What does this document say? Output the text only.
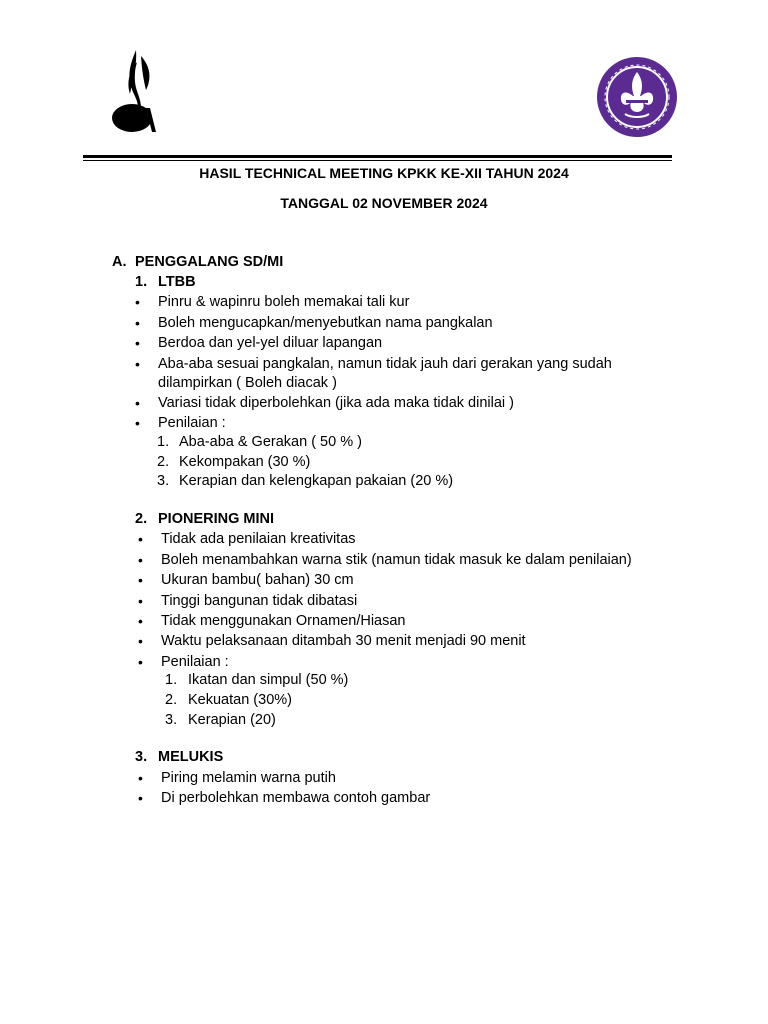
HASIL TECHNICAL MEETING KPKK KE-XII TAHUN 2024
TANGGAL 02 NOVEMBER 2024
A. PENGGALANG SD/MI
1. LTBB
• Pinru & wapinru boleh memakai tali kur
• Boleh mengucapkan/menyebutkan nama pangkalan
• Berdoa dan yel-yel diluar lapangan
• Aba-aba sesuai pangkalan, namun tidak jauh dari gerakan yang sudah
dilampirkan ( Boleh diacak )
• Variasi tidak diperbolehkan (jika ada maka tidak dinilai )
• Penilaian :
1. Aba-aba & Gerakan ( 50 % )
2. Kekompakan (30 %)
3. Kerapian dan kelengkapan pakaian (20 %)
2. PIONERING MINI
• Tidak ada penilaian kreativitas
• Boleh menambahkan warna stik (namun tidak masuk ke dalam penilaian)
• Ukuran bambu( bahan) 30 cm
• Tinggi bangunan tidak dibatasi
• Tidak menggunakan Ornamen/Hiasan
• Waktu pelaksanaan ditambah 30 menit menjadi 90 menit
• Penilaian :
1. Ikatan dan simpul (50 %)
2. Kekuatan (30%)
3. Kerapian (20)
3. MELUKIS
• Piring melamin warna putih
• Di perbolehkan membawa contoh gambar
